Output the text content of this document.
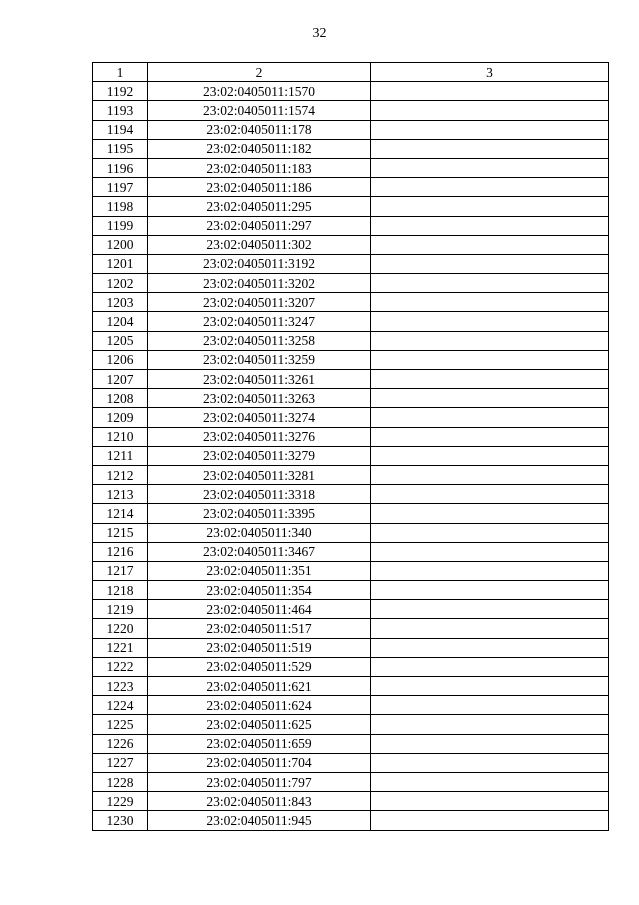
32
1	2	3
1192	23:02:0405011:1570	
1193	23:02:0405011:1574	
1194	23:02:0405011:178	
1195	23:02:0405011:182	
1196	23:02:0405011:183	
1197	23:02:0405011:186	
1198	23:02:0405011:295	
1199	23:02:0405011:297	
1200	23:02:0405011:302	
1201	23:02:0405011:3192	
1202	23:02:0405011:3202	
1203	23:02:0405011:3207	
1204	23:02:0405011:3247	
1205	23:02:0405011:3258	
1206	23:02:0405011:3259	
1207	23:02:0405011:3261	
1208	23:02:0405011:3263	
1209	23:02:0405011:3274	
1210	23:02:0405011:3276	
1211	23:02:0405011:3279	
1212	23:02:0405011:3281	
1213	23:02:0405011:3318	
1214	23:02:0405011:3395	
1215	23:02:0405011:340	
1216	23:02:0405011:3467	
1217	23:02:0405011:351	
1218	23:02:0405011:354	
1219	23:02:0405011:464	
1220	23:02:0405011:517	
1221	23:02:0405011:519	
1222	23:02:0405011:529	
1223	23:02:0405011:621	
1224	23:02:0405011:624	
1225	23:02:0405011:625	
1226	23:02:0405011:659	
1227	23:02:0405011:704	
1228	23:02:0405011:797	
1229	23:02:0405011:843	
1230	23:02:0405011:945	
